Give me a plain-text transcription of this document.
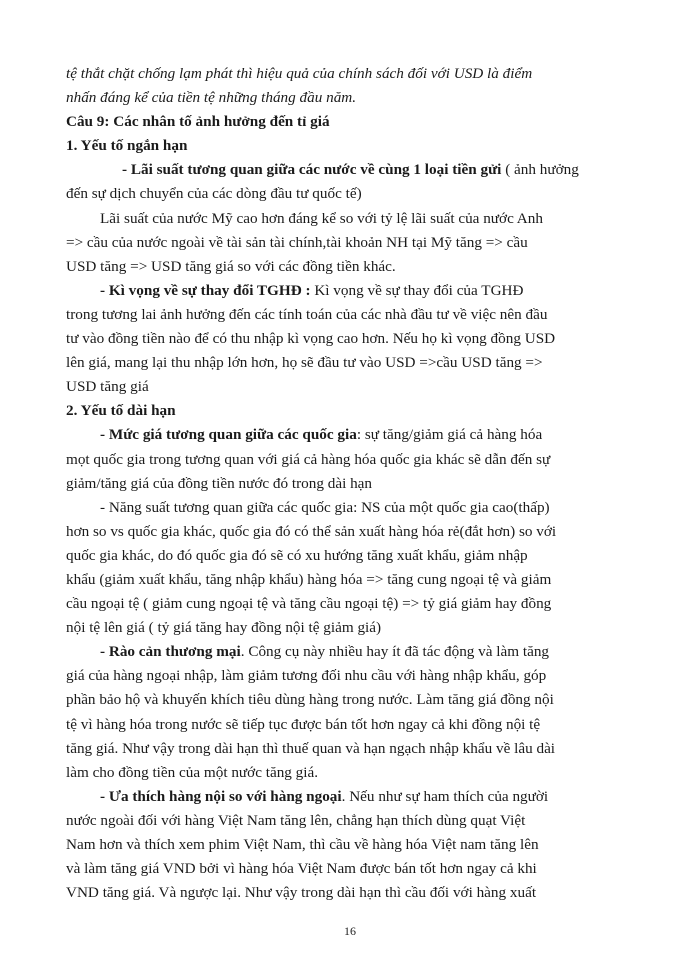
tệ thắt chặt chống lạm phát thì hiệu quả của chính sách đối với USD là điểm
nhấn đáng kể của tiền tệ những tháng đầu năm.
Câu 9: Các nhân tố ảnh hưởng đến tỉ giá
1. Yếu tố ngắn hạn
- Lãi suất tương quan giữa các nước về cùng 1 loại tiền gửi ( ảnh hưởng
đến sự dịch chuyển của các dòng đầu tư quốc tế)
Lãi suất của nước Mỹ cao hơn đáng kể so với tỷ lệ lãi suất của nước Anh
=> cầu của nước ngoài về tài sản tài chính,tài khoản NH tại Mỹ tăng => cầu
USD tăng => USD tăng giá so với các đồng tiền khác.
- Kì vọng về sự thay đổi TGHĐ : Kì vọng về sự thay đổi của TGHĐ
trong tương lai ảnh hưởng đến các tính toán của các nhà đầu tư về việc nên đầu
tư vào đồng tiền nào để có thu nhập kì vọng cao hơn. Nếu họ kì vọng đồng USD
lên giá, mang lại thu nhập lớn hơn, họ sẽ đầu tư vào USD =>cầu USD tăng =>
USD tăng giá
2. Yếu tố dài hạn
- Mức giá tương quan giữa các quốc gia: sự tăng/giảm giá cả hàng hóa
mọt quốc gia trong tương quan với giá cả hàng hóa quốc gia khác sẽ dẫn đến sự
giảm/tăng giá của đồng tiền nước đó trong dài hạn
- Năng suất tương quan giữa các quốc gia: NS của một quốc gia cao(thấp)
hơn so vs quốc gia khác, quốc gia đó có thể sản xuất hàng hóa rẻ(đắt hơn) so với
quốc gia khác, do đó quốc gia đó sẽ có xu hướng tăng xuất khẩu, giảm nhập
khẩu (giảm xuất khẩu, tăng nhập khẩu) hàng hóa => tăng cung ngoại tệ và giảm
cầu ngoại tệ ( giảm cung ngoại tệ và tăng cầu ngoại tệ) => tỷ giá giảm hay đồng
nội tệ lên giá ( tỷ giá tăng hay đồng nội tệ giảm giá)
- Rào cản thương mại. Công cụ này nhiều hay ít đã tác động và làm tăng
giá của hàng ngoại nhập, làm giảm tương đối nhu cầu với hàng nhập khẩu, góp
phần bảo hộ và khuyến khích tiêu dùng hàng trong nước. Làm tăng giá đồng nội
tệ vì hàng hóa trong nước sẽ tiếp tục được bán tốt hơn ngay cả khi đồng nội tệ
tăng giá. Như vậy trong dài hạn thì thuế quan và hạn ngạch nhập khẩu về lâu dài
làm cho đồng tiền của một nước tăng giá.
- Ưa thích hàng nội so với hàng ngoại. Nếu như sự ham thích của người
nước ngoài đối với hàng Việt Nam tăng lên, chẳng hạn thích dùng quạt Việt
Nam hơn và thích xem phim Việt Nam, thì cầu về hàng hóa Việt nam tăng lên
và làm tăng giá VND bởi vì hàng hóa Việt Nam được bán tốt hơn ngay cả khi
VND tăng giá. Và ngược lại. Như vậy trong dài hạn thì cầu đối với hàng xuất
16
